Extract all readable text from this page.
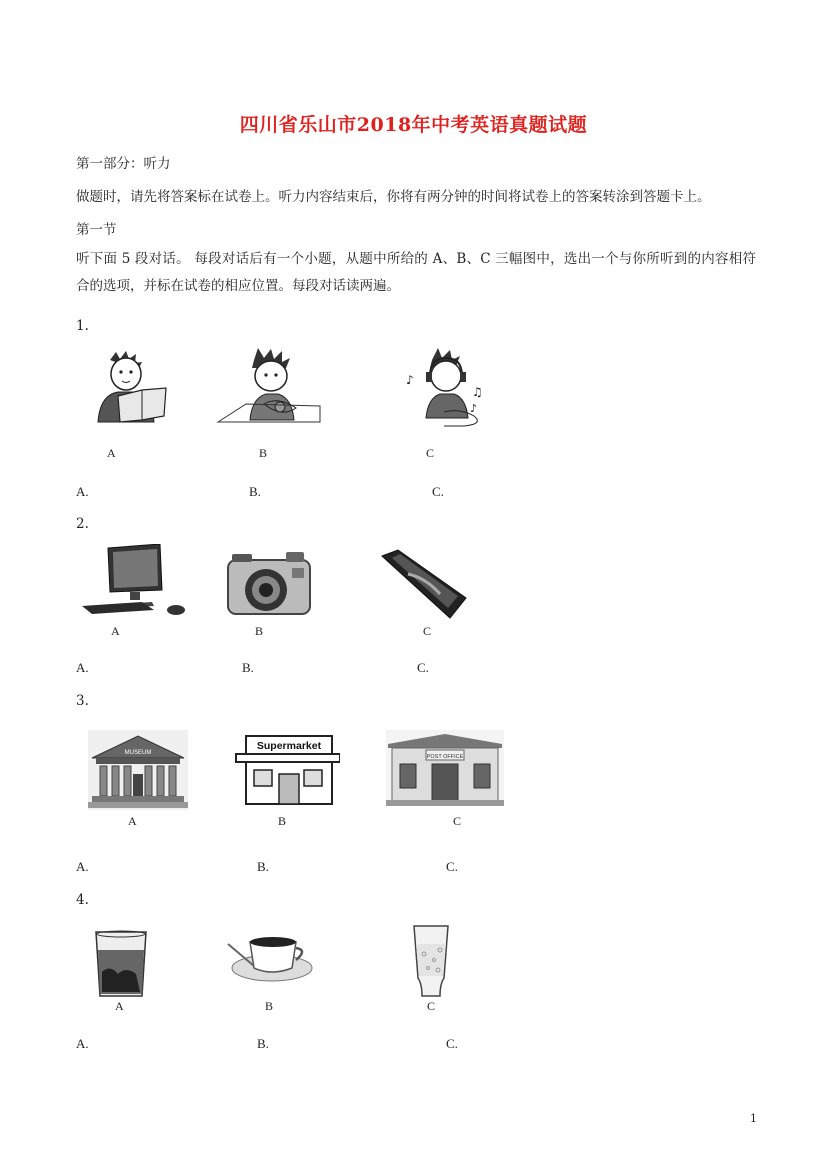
四川省乐山市2018年中考英语真题试题
第一部分：听力
做题时，请先将答案标在试卷上。听力内容结束后，你将有两分钟的时间将试卷上的答案转涂到答题卡上。
第一节
听下面 5 段对话。 每段对话后有一个小题，从题中所给的 A、B、C 三幅图中，选出一个与你所听到的内容相符合的选项，并标在试卷的相应位置。每段对话读两遍。
1.
♪
♫
♪
A	B	C
A.	B.	C.
2.
A	B	C
A.	B.	C.
3.
MUSEUM
Supermarket
POST OFFICE
A	B	C
A.	B.	C.
4.
A	B	C
A.	B.	C.
1
